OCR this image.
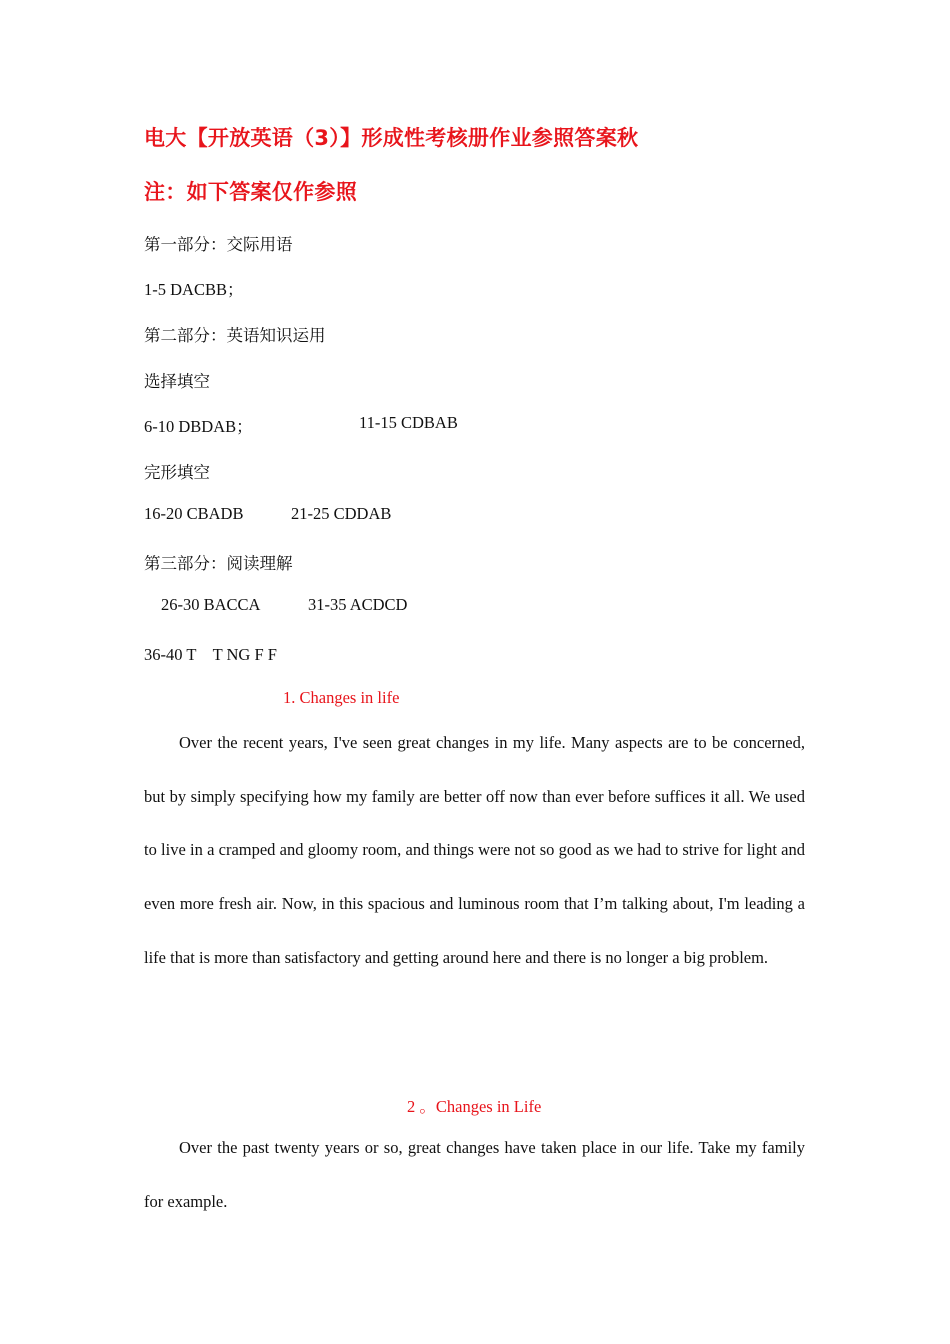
电大【开放英语（3）】形成性考核册作业参照答案秋
注：如下答案仅作参照
第一部分：交际用语
1-5 DACBB；
第二部分：英语知识运用
选择填空
6-10 DBDAB；	11-15 CDBAB
完形填空
16-20 CBADB	21-25 CDDAB
第三部分：阅读理解
26-30 BACCA	31-35 ACDCD
36-40 T　T NG F F
1. Changes in life

Over the recent years, I've seen great changes in my life. Many aspects are to be concerned, but by simply specifying how my family are better off now than ever before suffices it all. We used to live in a cramped and gloomy room, and things were not so good as we had to strive for light and even more fresh air. Now, in this spacious and luminous room that I’m talking about, I'm leading a life that is more than satisfactory and getting around here and there is no longer a big problem.

2 。Changes in Life

Over the past twenty years or so, great changes have taken place in our life. Take my family for example.
